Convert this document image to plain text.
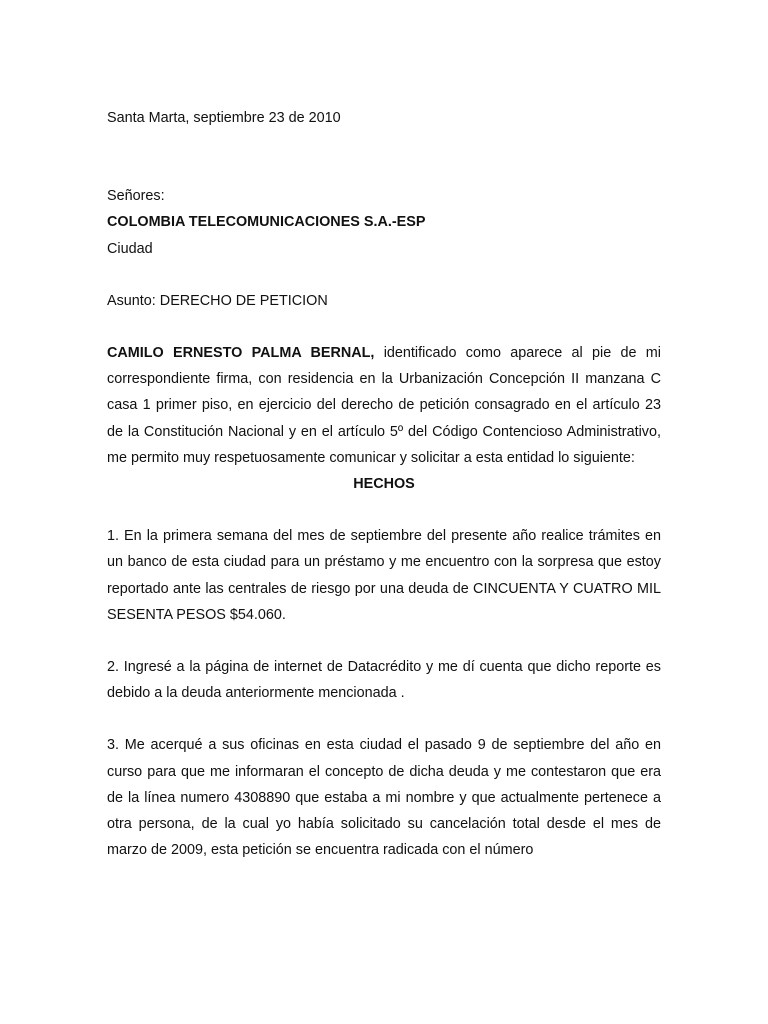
Santa Marta, septiembre 23 de 2010

Señores:

COLOMBIA TELECOMUNICACIONES S.A.-ESP

Ciudad

Asunto: DERECHO DE PETICION

CAMILO ERNESTO PALMA BERNAL, identificado como aparece al pie de mi correspondiente firma, con residencia en la Urbanización Concepción II manzana C casa 1 primer piso, en ejercicio del derecho de petición consagrado en el artículo 23 de la Constitución Nacional y en el artículo 5º del Código Contencioso Administrativo, me permito muy respetuosamente comunicar y solicitar a esta entidad lo siguiente:

HECHOS

1. En la primera semana del mes de septiembre del presente año realice trámites en un banco de esta ciudad para un préstamo y me encuentro con la sorpresa que estoy reportado ante las centrales de riesgo por una deuda de CINCUENTA Y CUATRO MIL SESENTA PESOS $54.060.

2. Ingresé a la página de internet de Datacrédito y me dí cuenta que dicho reporte es debido a la deuda anteriormente mencionada .

3. Me acerqué a sus oficinas en esta ciudad el pasado 9 de septiembre del año en curso para que me informaran el concepto de dicha deuda y me contestaron que era de la línea numero 4308890 que estaba a mi nombre y que actualmente pertenece a otra persona, de la cual yo había solicitado su cancelación total desde el mes de marzo de 2009, esta petición se encuentra radicada con el número
